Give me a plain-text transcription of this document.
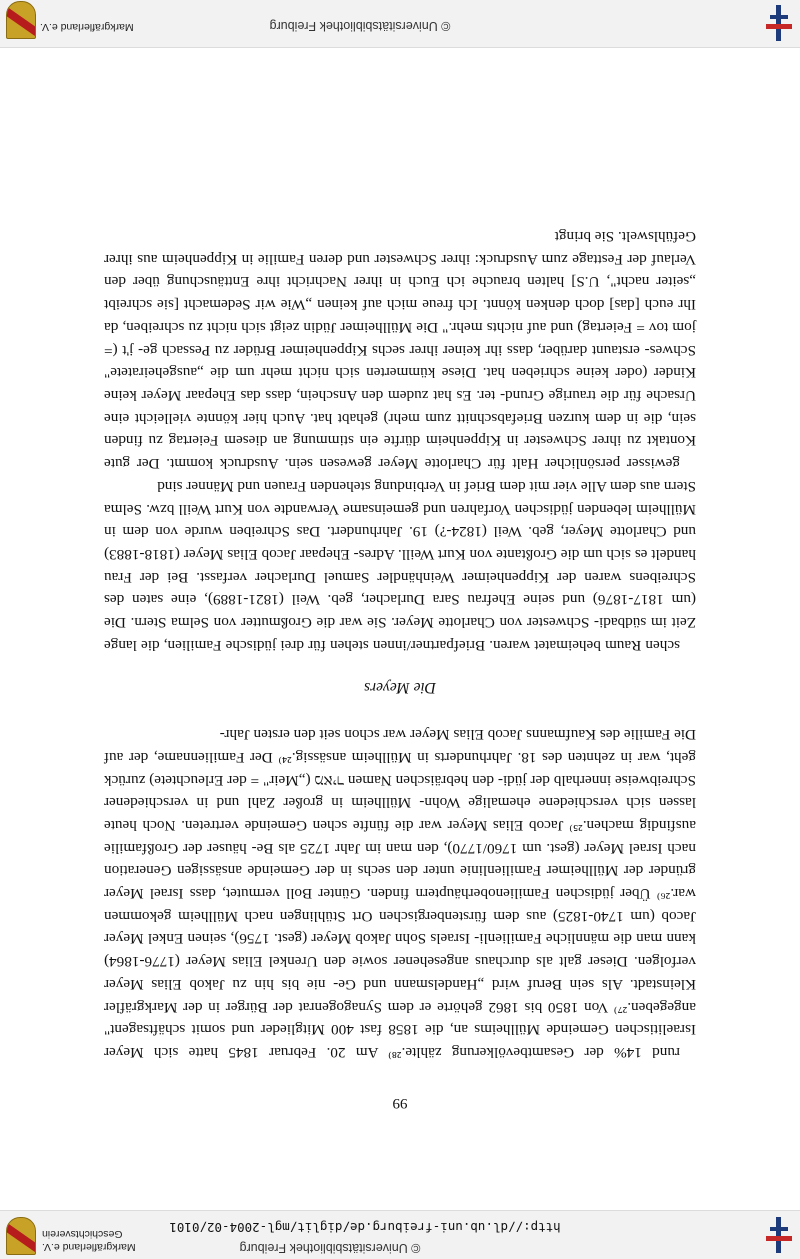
© Universitätsbibliothek Freiburg
http://dl.ub.uni-freiburg.de/diglit/mgl-2004-02/0101
Markgräflerland e.V.
Geschichtsverein
99

rund 14% der Gesamtbevölkerung zählte.²⁸⁾ Am 20. Februar 1845 hatte sich Meyer Israelitischen Gemeinde Müllheims an, die 1858 fast 400 Mitglieder und somit schäftsagent" angegeben.²⁷⁾ Von 1850 bis 1862 gehörte er dem Synagogenrat der Bürger in der Markgräfler Kleinstadt. Als sein Beruf wird „Handelsmann und Ge- nie bis hin zu Jakob Elias Meyer verfolgen. Dieser galt als durchaus angesehener sowie den Urenkel Elias Meyer (1776-1864) kann man die männliche Familienli- Israels Sohn Jakob Meyer (gest. 1756), seinen Enkel Meyer Jacob (um 1740-1825) aus dem fürstenbergischen Ort Stühlingen nach Müllheim gekommen war.²⁶⁾ Über jüdischen Familienoberhäuptern finden. Günter Boll vermutet, dass Israel Meyer gründer der Müllheimer Familienlinie unter den sechs in der Gemeinde ansässigen Generation nach Israel Meyer (gest. um 1760/1770), den man im Jahr 1725 als Be- häuser der Großfamilie ausfindig machen.²⁵⁾ Jacob Elias Meyer war die fünfte schen Gemeinde vertreten. Noch heute lassen sich verschiedene ehemalige Wohn- Müllheim in großer Zahl und in verschiedener Schreibweise innerhalb der jüdi- den hebräischen Namen מאיר („Meir" = der Erleuchtete) zurück geht, war in zehnten des 18. Jahrhunderts in Müllheim ansässig.²⁴⁾ Der Familienname, der auf Die Familie des Kaufmanns Jacob Elias Meyer war schon seit den ersten Jahr-

Die Meyers

schen Raum beheimatet waren. Briefpartner/innen stehen für drei jüdische Familien, die lange Zeit im südbadi- Schwester von Charlotte Meyer. Sie war die Großmutter von Selma Stern. Die (um 1817-1876) und seine Ehefrau Sara Durlacher, geb. Weil (1821-1889), eine saten des Schreibens waren der Kippenheimer Weinhändler Samuel Durlacher verfasst. Bei der Frau handelt es sich um die Großtante von Kurt Weill. Adres- Ehepaar Jacob Elias Meyer (1818-1883) und Charlotte Meyer, geb. Weil (1824-?) 19. Jahrhundert. Das Schreiben wurde von dem in Müllheim lebenden jüdischen Vorfahren und gemeinsame Verwandte von Kurt Weill bzw. Selma Stern aus dem Alle vier mit dem Brief in Verbindung stehenden Frauen und Männer sind

gewisser persönlicher Halt für Charlotte Meyer gewesen sein. Ausdruck kommt. Der gute Kontakt zu ihrer Schwester in Kippenheim dürfte ein stimmung an diesem Feiertag zu finden sein, die in dem kurzen Briefabschnitt zum mehr) gehabt hat. Auch hier könnte vielleicht eine Ursache für die traurige Grund- ter. Es hat zudem den Anschein, dass das Ehepaar Meyer keine Kinder (oder keine schrieben hat. Diese kümmerten sich nicht mehr um die „ausgeheiratete" Schwes- erstaunt darüber, dass ihr keiner ihrer sechs Kippenheimer Brüder zu Pessach ge- j't (= jom tov = Feiertag) und auf nichts mehr." Die Müllheimer Jüdin zeigt sich nicht zu schreiben, da Ihr euch [das] doch denken könnt. Ich freue mich auf keinen „Wie wir Sedemacht [sie schreibt „seiter nacht", U.S] halten brauche ich Euch in ihrer Nachricht ihre Enttäuschung über den Verlauf der Festtage zum Ausdruck: ihrer Schwester und deren Familie in Kippenheim aus ihrer Gefühlswelt. Sie bringt

© Universitätsbibliothek Freiburg
Markgräflerland e.V.
